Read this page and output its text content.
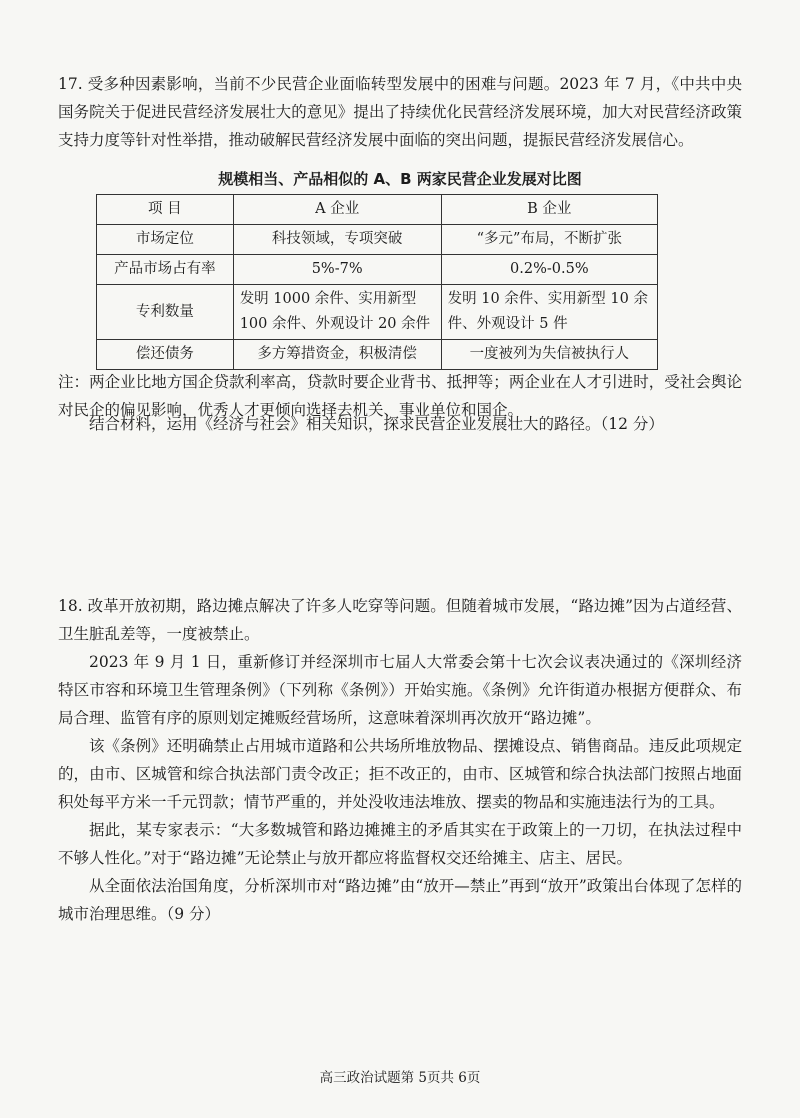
17. 受多种因素影响，当前不少民营企业面临转型发展中的困难与问题。2023 年 7 月，《中共中央 国务院关于促进民营经济发展壮大的意见》提出了持续优化民营经济发展环境，加大对民营经济政策支持力度等针对性举措，推动破解民营经济发展中面临的突出问题，提振民营经济发展信心。

规模相当、产品相似的 A、B 两家民营企业发展对比图
项 目	A 企业	B 企业
市场定位	科技领域，专项突破	“多元”布局，不断扩张
产品市场占有率	5%-7%	0.2%-0.5%
专利数量	发明 1000 余件、实用新型 100 余件、外观设计 20 余件	发明 10 余件、实用新型 10 余件、外观设计 5 件
偿还债务	多方筹措资金，积极清偿	一度被列为失信被执行人

注：两企业比地方国企贷款利率高，贷款时要企业背书、抵押等；两企业在人才引进时，受社会舆论对民企的偏见影响，优秀人才更倾向选择去机关、事业单位和国企。

结合材料，运用《经济与社会》相关知识，探求民营企业发展壮大的路径。（12 分）

18. 改革开放初期，路边摊点解决了许多人吃穿等问题。但随着城市发展，“路边摊”因为占道经营、卫生脏乱差等，一度被禁止。

2023 年 9 月 1 日，重新修订并经深圳市七届人大常委会第十七次会议表决通过的《深圳经济特区市容和环境卫生管理条例》（下列称《条例》）开始实施。《条例》允许街道办根据方便群众、布局合理、监管有序的原则划定摊贩经营场所，这意味着深圳再次放开“路边摊”。

该《条例》还明确禁止占用城市道路和公共场所堆放物品、摆摊设点、销售商品。违反此项规定的，由市、区城管和综合执法部门责令改正；拒不改正的，由市、区城管和综合执法部门按照占地面积处每平方米一千元罚款；情节严重的，并处没收违法堆放、摆卖的物品和实施违法行为的工具。

据此，某专家表示：“大多数城管和路边摊摊主的矛盾其实在于政策上的一刀切，在执法过程中不够人性化。”对于“路边摊”无论禁止与放开都应将监督权交还给摊主、店主、居民。

从全面依法治国角度，分析深圳市对“路边摊”由“放开—禁止”再到“放开”政策出台体现了怎样的城市治理思维。（9 分）

高三政治试题第 5页共 6页
